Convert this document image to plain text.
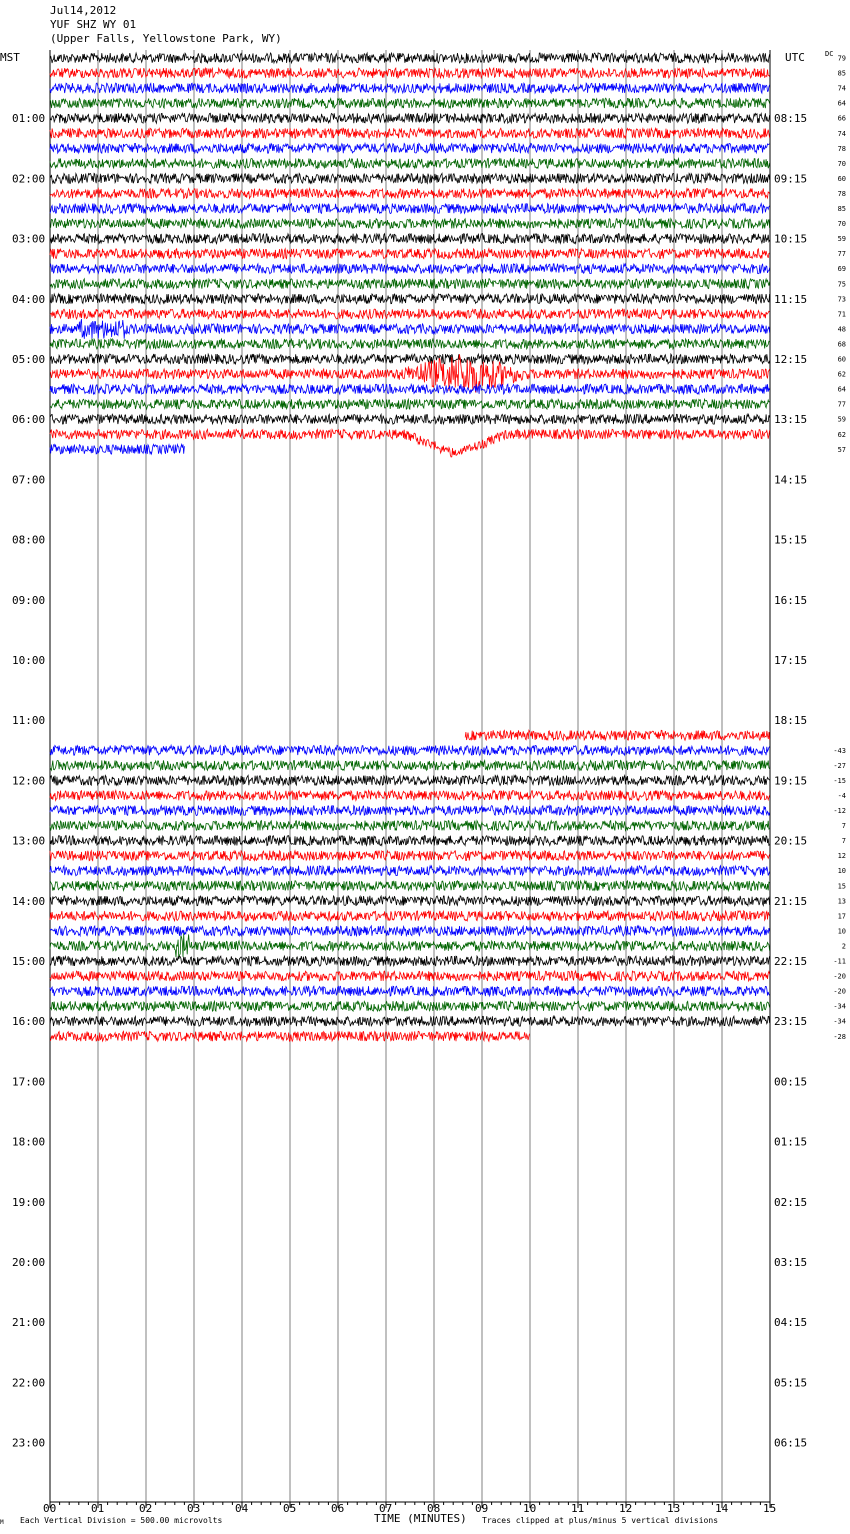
Jul14,2012
YUF SHZ WY 01
(Upper Falls, Yellowstone Park, WY)
00	01	02	03	04	05	06	07	08	09	10	11	12	13	14	15
01:00	08:15
02:00	09:15
03:00	10:15
04:00	11:15
05:00	12:15
06:00	13:15
07:00	14:15
08:00	15:15
09:00	16:15
10:00	17:15
11:00	18:15
12:00	19:15
13:00	20:15
14:00	21:15
15:00	22:15
16:00	23:15
17:00	00:15
18:00	01:15
19:00	02:15
20:00	03:15
21:00	04:15
22:00	05:15
23:00	06:15
79
85
74
64
66
74
78
70
60
78
85
70
59
77
69
75
73
71
48
68
60
62
64
77
59
62
57
-43
-27
-15
-4
-12
7
7
12
10
15
13
17
10
2
-11
-20
-20
-34
-34
-28
MST	UTC	DC
M Each Vertical Division = 500.00 microvolts	TIME (MINUTES) Traces clipped at plus/minus 5 vertical divisions
